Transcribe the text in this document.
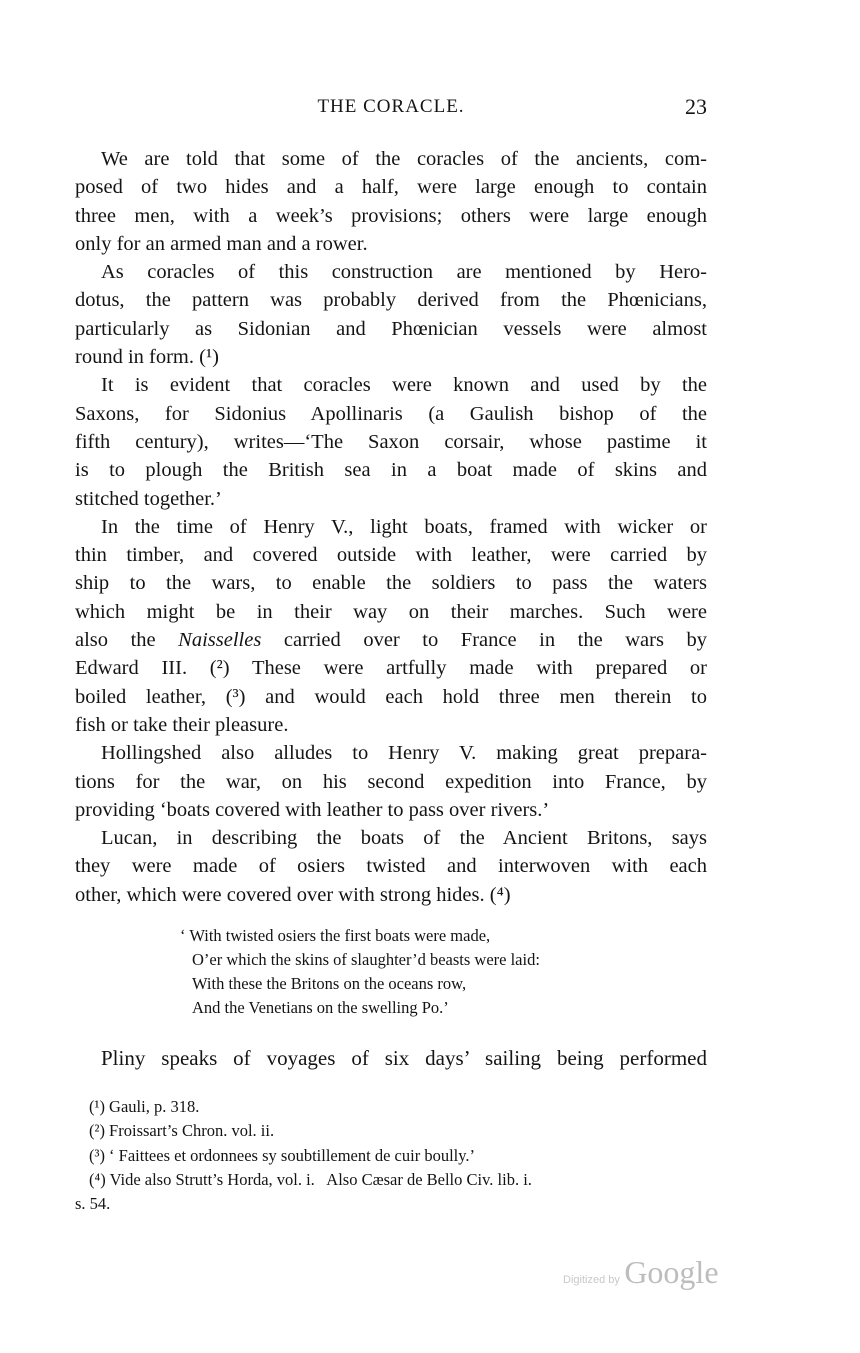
THE CORACLE.	23
We are told that some of the coracles of the ancients, com-
posed of two hides and a half, were large enough to contain
three men, with a week’s provisions; others were large enough
only for an armed man and a rower.
As coracles of this construction are mentioned by Hero-
dotus, the pattern was probably derived from the Phœnicians,
particularly as Sidonian and Phœnician vessels were almost
round in form. (¹)
It is evident that coracles were known and used by the
Saxons, for Sidonius Apollinaris (a Gaulish bishop of the
fifth century), writes—‘The Saxon corsair, whose pastime it
is to plough the British sea in a boat made of skins and
stitched together.’
In the time of Henry V., light boats, framed with wicker or
thin timber, and covered outside with leather, were carried by
ship to the wars, to enable the soldiers to pass the waters
which might be in their way on their marches. Such were
also the Naisselles carried over to France in the wars by
Edward III. (²) These were artfully made with prepared or
boiled leather, (³) and would each hold three men therein to
fish or take their pleasure.
Hollingshed also alludes to Henry V. making great prepara-
tions for the war, on his second expedition into France, by
providing ‘boats covered with leather to pass over rivers.’
Lucan, in describing the boats of the Ancient Britons, says
they were made of osiers twisted and interwoven with each
other, which were covered over with strong hides. (⁴)
‘ With twisted osiers the first boats were made,
O’er which the skins of slaughter’d beasts were laid:
With these the Britons on the oceans row,
And the Venetians on the swelling Po.’
Pliny speaks of voyages of six days’ sailing being performed
(¹) Gauli, p. 318.
(²) Froissart’s Chron. vol. ii.
(³) ‘ Faittees et ordonnees sy soubtillement de cuir boully.’
(⁴) Vide also Strutt’s Horda, vol. i.   Also Cæsar de Bello Civ. lib. i.
s. 54.
Digitized by Google
